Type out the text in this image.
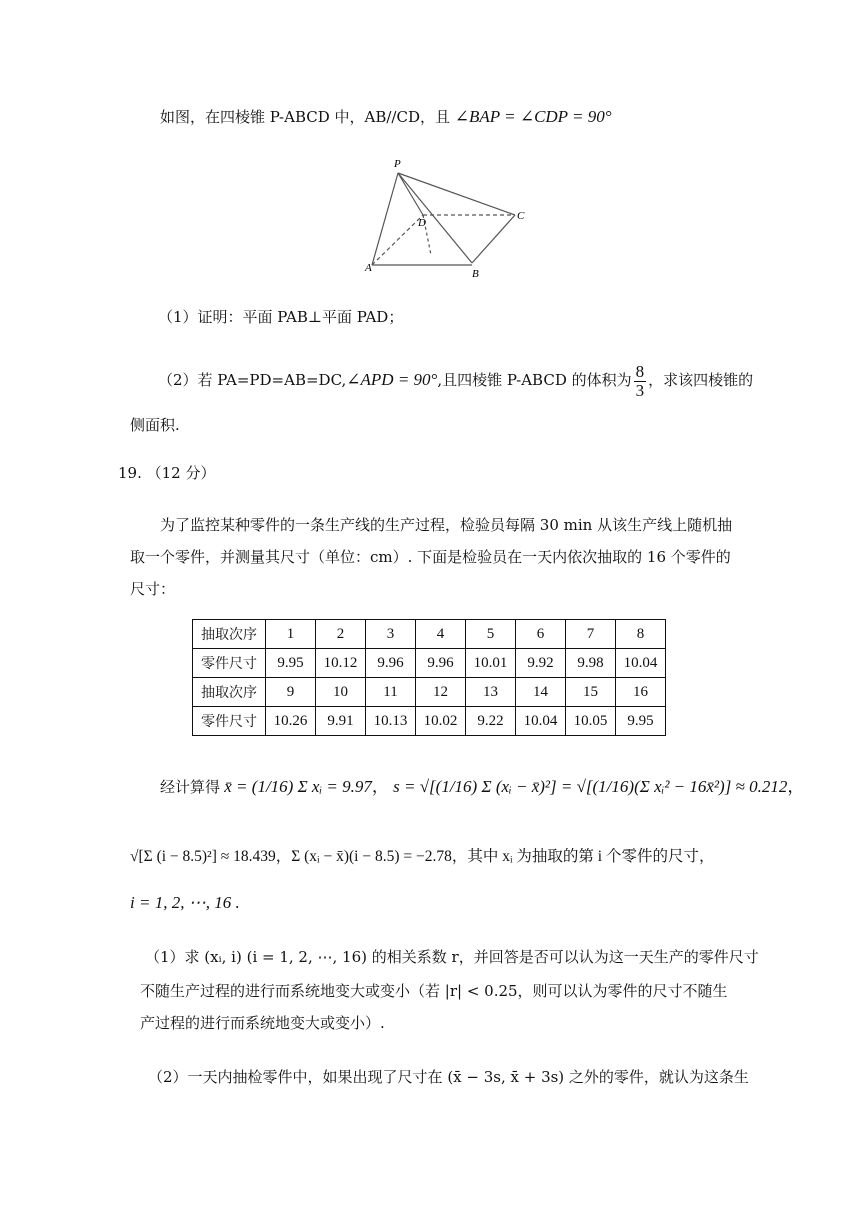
如图，在四棱锥 P-ABCD 中，AB//CD，且 ∠BAP = ∠CDP = 90°
P
A	B
C
D
（1）证明：平面 PAB⊥平面 PAD；
（2）若 PA=PD=AB=DC,∠APD = 90°,且四棱锥 P-ABCD 的体积为 $\frac{8}{3}$ ，求该四棱锥的
侧面积.
19. （12 分）
为了监控某种零件的一条生产线的生产过程，检验员每隔 30 min 从该生产线上随机抽
取一个零件，并测量其尺寸（单位：cm）. 下面是检验员在一天内依次抽取的 16 个零件的
尺寸：
抽取次序	1	2	3	4	5	6	7	8
零件尺寸	9.95	10.12	9.96	9.96	10.01	9.92	9.98	10.04
抽取次序	9	10	11	12	13	14	15	16
零件尺寸	10.26	9.91	10.13	10.02	9.22	10.04	10.05	9.95
经计算得 x̄ = (1/16) Σ xᵢ = 9.97， s = √[(1/16) Σ (xᵢ − x̄)²] = √[(1/16)(Σ xᵢ² − 16x̄²)] ≈ 0.212，
√[Σ (i − 8.5)²] ≈ 18.439，Σ (xᵢ − x̄)(i − 8.5) = −2.78，其中 xᵢ 为抽取的第 i 个零件的尺寸，
i = 1, 2, ⋯, 16 .
（1）求 (xᵢ, i) (i = 1, 2, ⋯, 16) 的相关系数 r，并回答是否可以认为这一天生产的零件尺寸
不随生产过程的进行而系统地变大或变小（若 |r| < 0.25，则可以认为零件的尺寸不随生
产过程的进行而系统地变大或变小）.
（2）一天内抽检零件中，如果出现了尺寸在 (x̄ − 3s, x̄ + 3s) 之外的零件，就认为这条生
